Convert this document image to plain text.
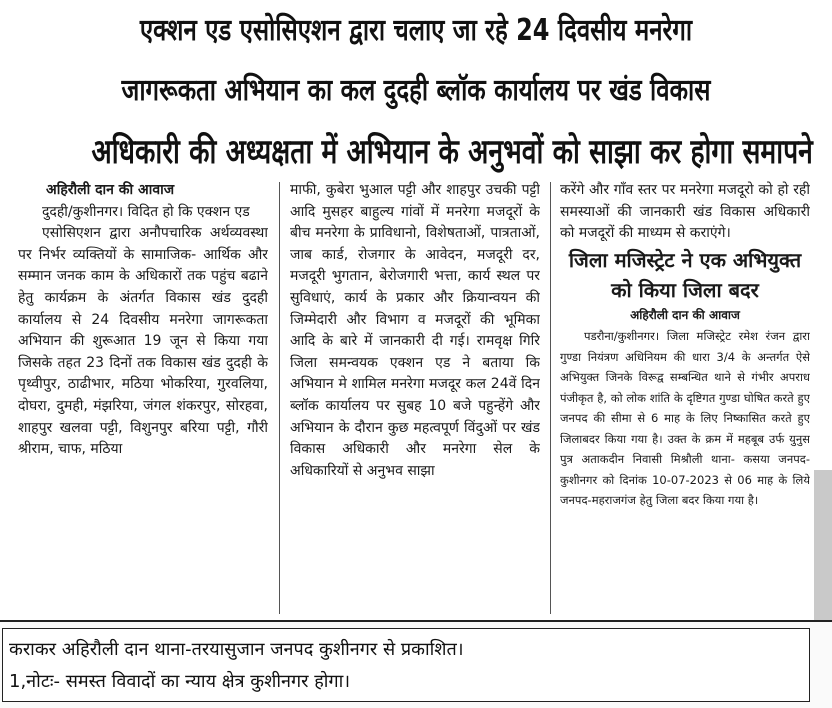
एक्शन एड एसोसिएशन द्वारा चलाए जा रहे 24 दिवसीय मनरेगा
जागरूकता अभियान का कल दुदही ब्लॉक कार्यालय पर खंड विकास
अधिकारी की अध्यक्षता में अभियान के अनुभवों को साझा कर होगा समापने

अहिरौली दान की आवाज

दुदही/कुशीनगर। विदित हो कि एक्शन एड

एसोसिएशन द्वारा अनौपचारिक अर्थव्यवस्था पर निर्भर व्यक्तियों के सामाजिक- आर्थिक और सम्मान जनक काम के अधिकारों तक पहुंच बढाने हेतु कार्यक्रम के अंतर्गत विकास खंड दुदही कार्यालय से 24 दिवसीय मनरेगा जागरूकता अभियान की शुरूआत 19 जून से किया गया जिसके तहत 23 दिनों तक विकास खंड दुदही के पृथ्वीपुर, ठाढीभार, मठिया भोकरिया, गुरवलिया, दोघरा, दुमही, मंझरिया, जंगल शंकरपुर, सोरहवा, शाहपुर खलवा पट्टी, विशुनपुर बरिया पट्टी, गौरी श्रीराम, चाफ, मठिया

माफी, कुबेरा भुआल पट्टी और शाहपुर उचकी पट्टी आदि मुसहर बाहुल्य गांवों में मनरेगा मजदूरों के बीच मनरेगा के प्राविधानो, विशेषताओं, पात्रताओं, जाब कार्ड, रोजगार के आवेदन, मजदूरी दर, मजदूरी भुगतान, बेरोजगारी भत्ता, कार्य स्थल पर सुविधाएं, कार्य के प्रकार और क्रियान्वयन की जिम्मेदारी और विभाग व मजदूरों की भूमिका आदि के बारे में जानकारी दी गई। रामवृक्ष गिरि जिला समन्वयक एक्शन एड ने बताया कि अभियान मे शामिल मनरेगा मजदूर कल 24वें दिन ब्लॉक कार्यालय पर सुबह 10 बजे पहुन्हेंगे और अभियान के दौरान कुछ महत्वपूर्ण विंदुओं पर खंड विकास अधिकारी और मनरेगा सेल के अधिकारियों से अनुभव साझा

करेंगे और गाँव स्तर पर मनरेगा मजदूरो को हो रही समस्याओं की जानकारी खंड विकास अधिकारी को मजदूरों की माध्यम से कराएंगे।

जिला मजिस्ट्रेट ने एक अभियुक्त को किया जिला बदर

अहिरौली दान की आवाज

पडरौना/कुशीनगर। जिला मजिस्ट्रेट रमेश रंजन द्वारा गुण्डा नियंत्रण अधिनियम की धारा 3/4 के अन्तर्गत ऐसे अभियुक्त जिनके विरूद्व सम्बन्धित थाने से गंभीर अपराध पंजीकृत है, को लोक शांति के दृष्टिगत गुण्डा घोषित करते हुए जनपद की सीमा से 6 माह के लिए निष्कासित करते हुए जिलाबदर किया गया है। उक्त के क्रम में महबूब उर्फ युनुस पुत्र अताकदीन निवासी मिश्रौली थाना- कसया जनपद-कुशीनगर को दिनांक 10-07-2023 से 06 माह के लिये जनपद-महराजगंज हेतु जिला बदर किया गया है।

कराकर अहिरौली दान थाना-तरयासुजान जनपद कुशीनगर से प्रकाशित।
1,नोटः- समस्त विवादों का न्याय क्षेत्र कुशीनगर होगा।
